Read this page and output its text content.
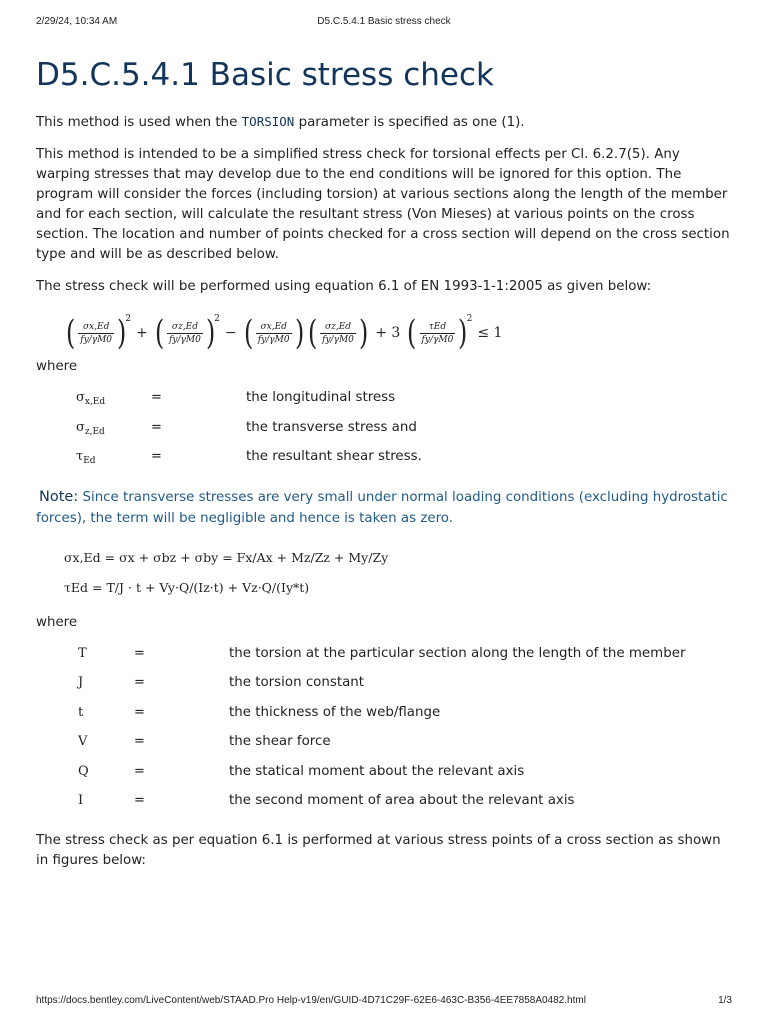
2/29/24, 10:34 AM	D5.C.5.4.1 Basic stress check
D5.C.5.4.1 Basic stress check

This method is used when the TORSION parameter is specified as one (1).

This method is intended to be a simplified stress check for torsional effects per Cl. 6.2.7(5). Any warping stresses that may develop due to the end conditions will be ignored for this option. The program will consider the forces (including torsion) at various sections along the length of the member and for each section, will calculate the resultant stress (Von Mieses) at various points on the cross section. The location and number of points checked for a cross section will depend on the cross section type and will be as described below.

The stress check will be performed using equation 6.1 of EN 1993-1-1:2005 as given below:

( $\frac{\sigma x,Ed}{fy/\gamma M0}$ )
2
+ ( $\frac{\sigma z,Ed}{fy/\gamma M0}$ )
2
− ( $\frac{\sigma x,Ed}{fy/\gamma M0}$ ) ( $\frac{\sigma z,Ed}{fy/\gamma M0}$ ) + 3 ( $\frac{\text{τEd}}{fy/\gamma M0}$ )
2
≤ 1
where
$\sigma_{x,Ed}$	=	the longitudinal stress
$\sigma_{z,Ed}$	=	the transverse stress and
$\tau_{Ed}$	=	the resultant shear stress.
Note: Since transverse stresses are very small under normal loading conditions (excluding hydrostatic forces), the term will be negligible and hence is taken as zero.
σx,Ed = σx + σbz + σby = Fx/Ax + Mz/Zz + My/Zy
τEd = T/J · t + Vy·Q/(Iz·t) + Vz·Q/(Iy*t)
where
T	=	the torsion at the particular section along the length of the member
J	=	the torsion constant
t	=	the thickness of the web/flange
V	=	the shear force
Q	=	the statical moment about the relevant axis
I	=	the second moment of area about the relevant axis

The stress check as per equation 6.1 is performed at various stress points of a cross section as shown in figures below:

https://docs.bentley.com/LiveContent/web/STAAD.Pro Help-v19/en/GUID-4D71C29F-62E6-463C-B356-4EE7858A0482.html	1/3
